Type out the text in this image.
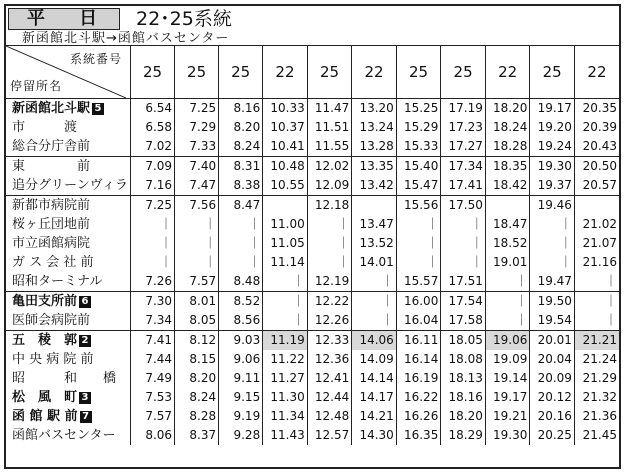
平 日	22･25系統
新函館北斗駅→函館バスセンター
系統番号
停留所名	25	25	25	22	25	22	25	25	22	25	22
新函館北斗駅 5	6.54	7.25	8.16	10.33	11.47	13.20	15.25	17.19	18.20	19.17	20.35
市　　　渡	6.58	7.29	8.20	10.37	11.51	13.24	15.29	17.23	18.24	19.20	20.39
総合分庁舎前	7.02	7.33	8.24	10.41	11.55	13.28	15.33	17.27	18.28	19.24	20.43
東　　　　前	7.09	7.40	8.31	10.48	12.02	13.35	15.40	17.34	18.35	19.30	20.50
追分グリーンヴィラ	7.16	7.47	8.38	10.55	12.09	13.42	15.47	17.41	18.42	19.37	20.57
新都市病院前	7.25	7.56	8.47		12.18		15.56	17.50		19.46	
桜ヶ丘団地前	｜	｜	｜	11.00	｜	13.47	｜	｜	18.47	｜	21.02
市立函館病院	｜	｜	｜	11.05	｜	13.52	｜	｜	18.52	｜	21.07
ガ ス 会 社 前	｜	｜	｜	11.14	｜	14.01	｜	｜	19.01	｜	21.16
昭和ターミナル	7.26	7.57	8.48	｜	12.19	｜	15.57	17.51	｜	19.47	｜
亀田支所前 6	7.30	8.01	8.52	｜	12.22	｜	16.00	17.54	｜	19.50	｜
医師会病院前	7.34	8.05	8.56	｜	12.26	｜	16.04	17.58	｜	19.54	｜
五　稜　郭 2	7.41	8.12	9.03	11.19	12.33	14.06	16.11	18.05	19.06	20.01	21.21
中 央 病 院 前	7.44	8.15	9.06	11.22	12.36	14.09	16.14	18.08	19.09	20.04	21.24
昭　　　和　　橋	7.49	8.20	9.11	11.27	12.41	14.14	16.19	18.13	19.14	20.09	21.29
松　風　町 3	7.53	8.24	9.15	11.30	12.44	14.17	16.22	18.16	19.17	20.12	21.32
函 館 駅 前 7	7.57	8.28	9.19	11.34	12.48	14.21	16.26	18.20	19.21	20.16	21.36
函館バスセンター	8.06	8.37	9.28	11.43	12.57	14.30	16.35	18.29	19.30	20.25	21.45
